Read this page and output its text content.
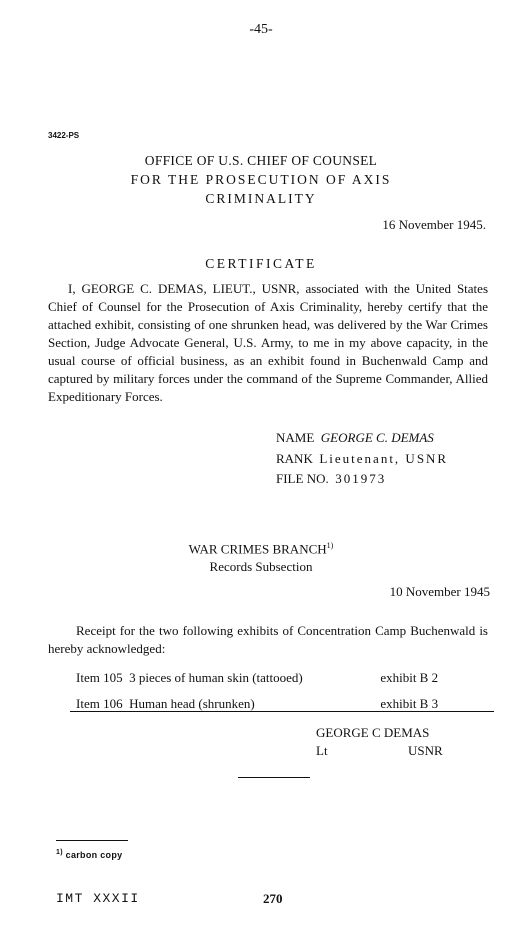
-45-
3422-PS
OFFICE OF U.S. CHIEF OF COUNSEL
FOR THE PROSECUTION OF AXIS
CRIMINALITY
16 November 1945.
CERTIFICATE
I, GEORGE C. DEMAS, LIEUT., USNR, associated with the United States Chief of Counsel for the Prosecution of Axis Criminality, hereby certify that the attached exhibit, consisting of one shrunken head, was delivered by the War Crimes Section, Judge Advocate General, U.S. Army, to me in my above capacity, in the usual course of official business, as an exhibit found in Buchenwald Camp and captured by military forces under the command of the Supreme Commander, Allied Expeditionary Forces.
NAME GEORGE C. DEMAS
RANK Lieutenant, USNR
FILE NO. 301973
WAR CRIMES BRANCH$^{1)}$
Records Subsection
10 November 1945
Receipt for the two following exhibits of Concentration Camp Buchenwald is hereby acknowledged:
Item 105 3 pieces of human skin (tattooed)	exhibit B 2
Item 106 Human head (shrunken)	exhibit B 3
GEORGE C DEMAS
Lt	USNR
$^{1)}$ carbon copy
IMT XXXII	270
